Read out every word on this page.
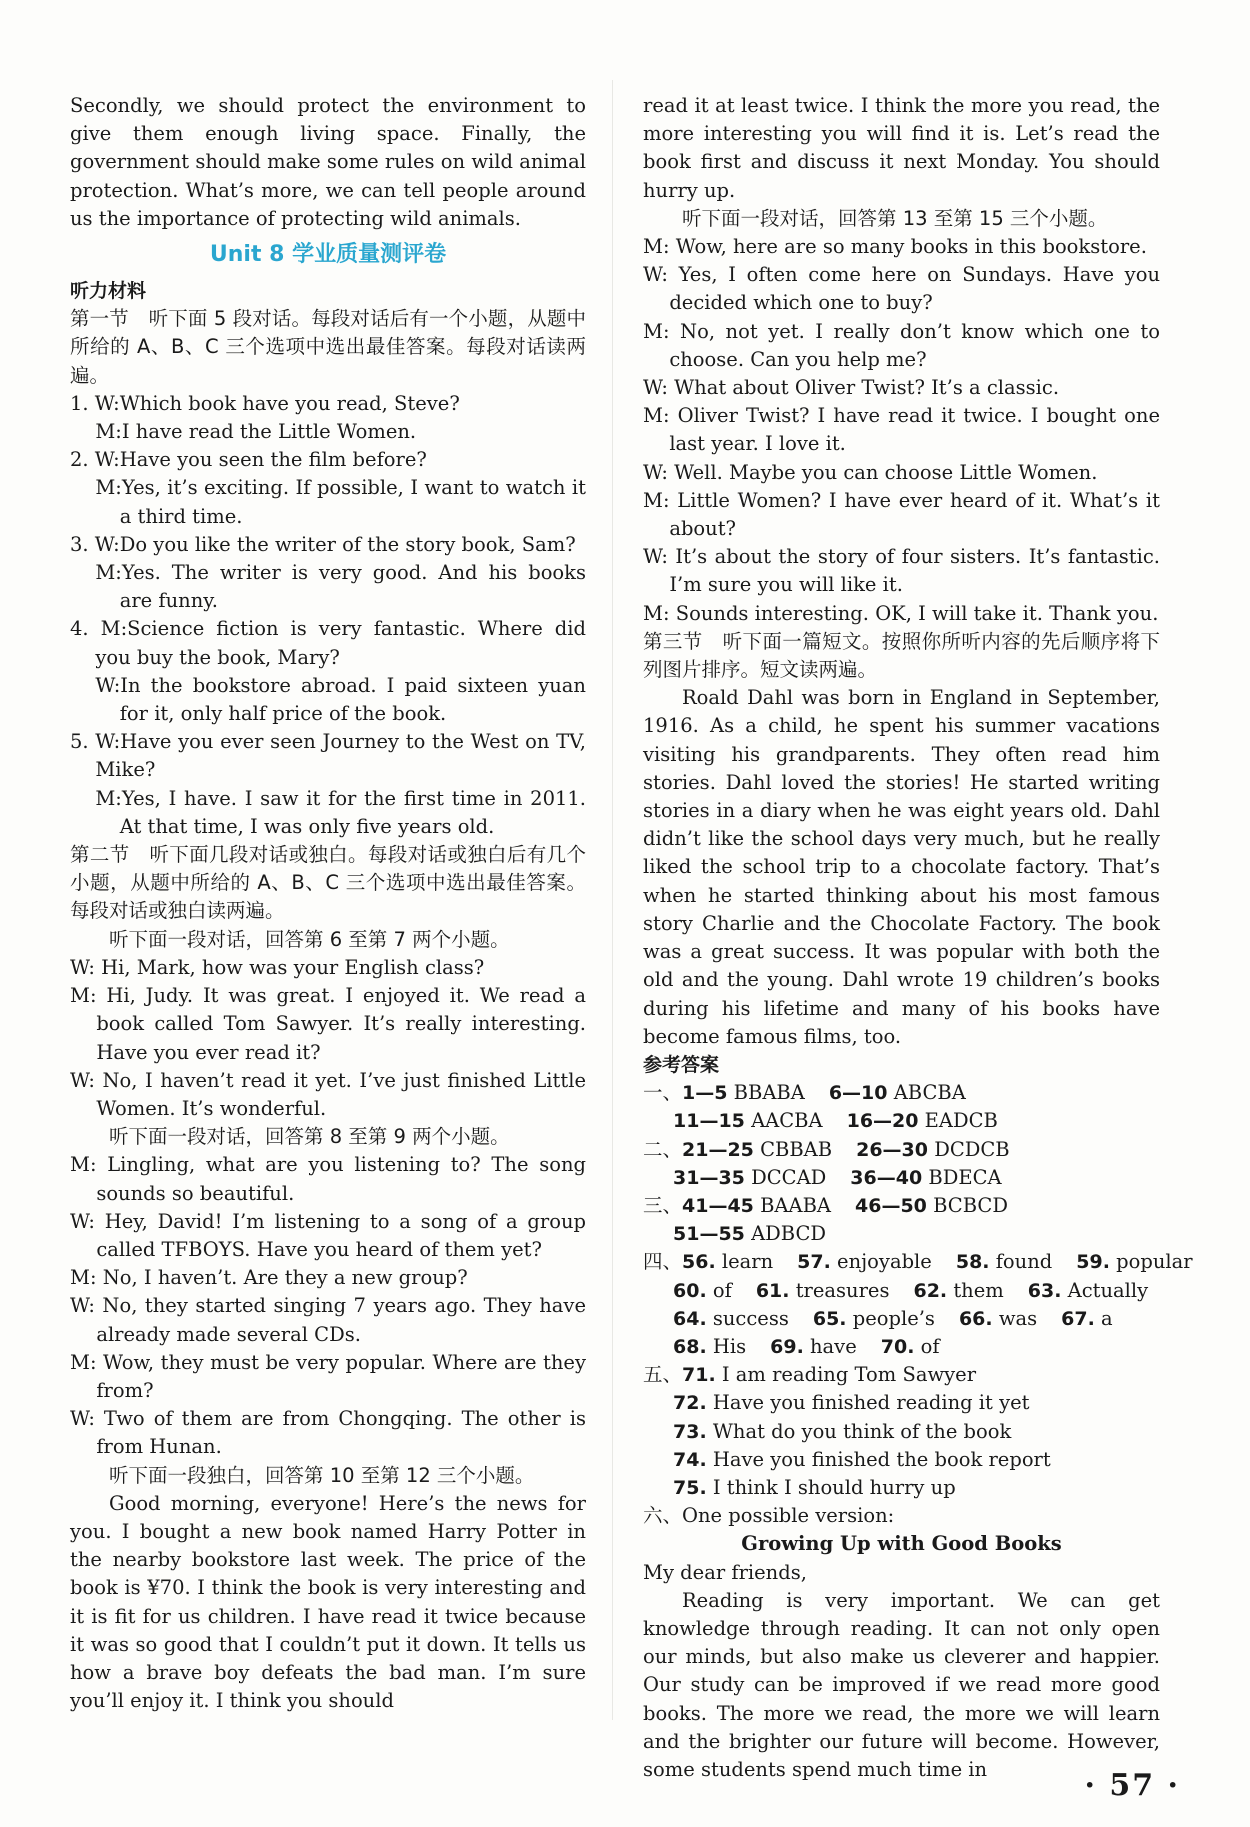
Secondly, we should protect the environment to give them enough living space. Finally, the government should make some rules on wild animal protection. What’s more, we can tell people around us the importance of protecting wild animals.

Unit 8 学业质量测评卷
听力材料

第一节　听下面 5 段对话。每段对话后有一个小题，从题中所给的 A、B、C 三个选项中选出最佳答案。每段对话读两遍。

1. W:Which book have you read, Steve?
M:I have read the Little Women.
2. W:Have you seen the film before?
M:Yes, it’s exciting. If possible, I want to watch it a third time.
3. W:Do you like the writer of the story book, Sam?
M:Yes. The writer is very good. And his books are funny.
4. M:Science fiction is very fantastic. Where did you buy the book, Mary?
W:In the bookstore abroad. I paid sixteen yuan for it, only half price of the book.
5. W:Have you ever seen Journey to the West on TV, Mike?
M:Yes, I have. I saw it for the first time in 2011. At that time, I was only five years old.

第二节　听下面几段对话或独白。每段对话或独白后有几个小题，从题中所给的 A、B、C 三个选项中选出最佳答案。每段对话或独白读两遍。

听下面一段对话，回答第 6 至第 7 两个小题。

W: Hi, Mark, how was your English class?

M: Hi, Judy. It was great. I enjoyed it. We read a book called Tom Sawyer. It’s really interesting. Have you ever read it?

W: No, I haven’t read it yet. I’ve just finished Little Women. It’s wonderful.

听下面一段对话，回答第 8 至第 9 两个小题。

M: Lingling, what are you listening to? The song sounds so beautiful.

W: Hey, David! I’m listening to a song of a group called TFBOYS. Have you heard of them yet?

M: No, I haven’t. Are they a new group?

W: No, they started singing 7 years ago. They have already made several CDs.

M: Wow, they must be very popular. Where are they from?

W: Two of them are from Chongqing. The other is from Hunan.

听下面一段独白，回答第 10 至第 12 三个小题。

Good morning, everyone! Here’s the news for you. I bought a new book named Harry Potter in the nearby bookstore last week. The price of the book is ¥70. I think the book is very interesting and it is fit for us children. I have read it twice because it was so good that I couldn’t put it down. It tells us how a brave boy defeats the bad man. I’m sure you’ll enjoy it. I think you should

read it at least twice. I think the more you read, the more interesting you will find it is. Let’s read the book first and discuss it next Monday. You should hurry up.

听下面一段对话，回答第 13 至第 15 三个小题。

M: Wow, here are so many books in this bookstore.

W: Yes, I often come here on Sundays. Have you decided which one to buy?

M: No, not yet. I really don’t know which one to choose. Can you help me?

W: What about Oliver Twist? It’s a classic.

M: Oliver Twist? I have read it twice. I bought one last year. I love it.

W: Well. Maybe you can choose Little Women.

M: Little Women? I have ever heard of it. What’s it about?

W: It’s about the story of four sisters. It’s fantastic. I’m sure you will like it.

M: Sounds interesting. OK, I will take it. Thank you.

第三节　听下面一篇短文。按照你所听内容的先后顺序将下列图片排序。短文读两遍。

Roald Dahl was born in England in September, 1916. As a child, he spent his summer vacations visiting his grandparents. They often read him stories. Dahl loved the stories! He started writing stories in a diary when he was eight years old. Dahl didn’t like the school days very much, but he really liked the school trip to a chocolate factory. That’s when he started thinking about his most famous story Charlie and the Chocolate Factory. The book was a great success. It was popular with both the old and the young. Dahl wrote 19 children’s books during his lifetime and many of his books have become famous films, too.

参考答案
一、1—5 BBABA 6—10 ABCBA
11—15 AACBA 16—20 EADCB
二、21—25 CBBAB 26—30 DCDCB
31—35 DCCAD 36—40 BDECA
三、41—45 BAABA 46—50 BCBCD
51—55 ADBCD
四、56. learn 57. enjoyable 58. found 59. popular
60. of 61. treasures 62. them 63. Actually
64. success 65. people’s 66. was 67. a
68. His 69. have 70. of
五、71. I am reading Tom Sawyer
72. Have you finished reading it yet
73. What do you think of the book
74. Have you finished the book report
75. I think I should hurry up
六、One possible version:
Growing Up with Good Books
My dear friends,

Reading is very important. We can get knowledge through reading. It can not only open our minds, but also make us cleverer and happier. Our study can be improved if we read more good books. The more we read, the more we will learn and the brighter our future will become. However, some students spend much time in	· 57 ·
